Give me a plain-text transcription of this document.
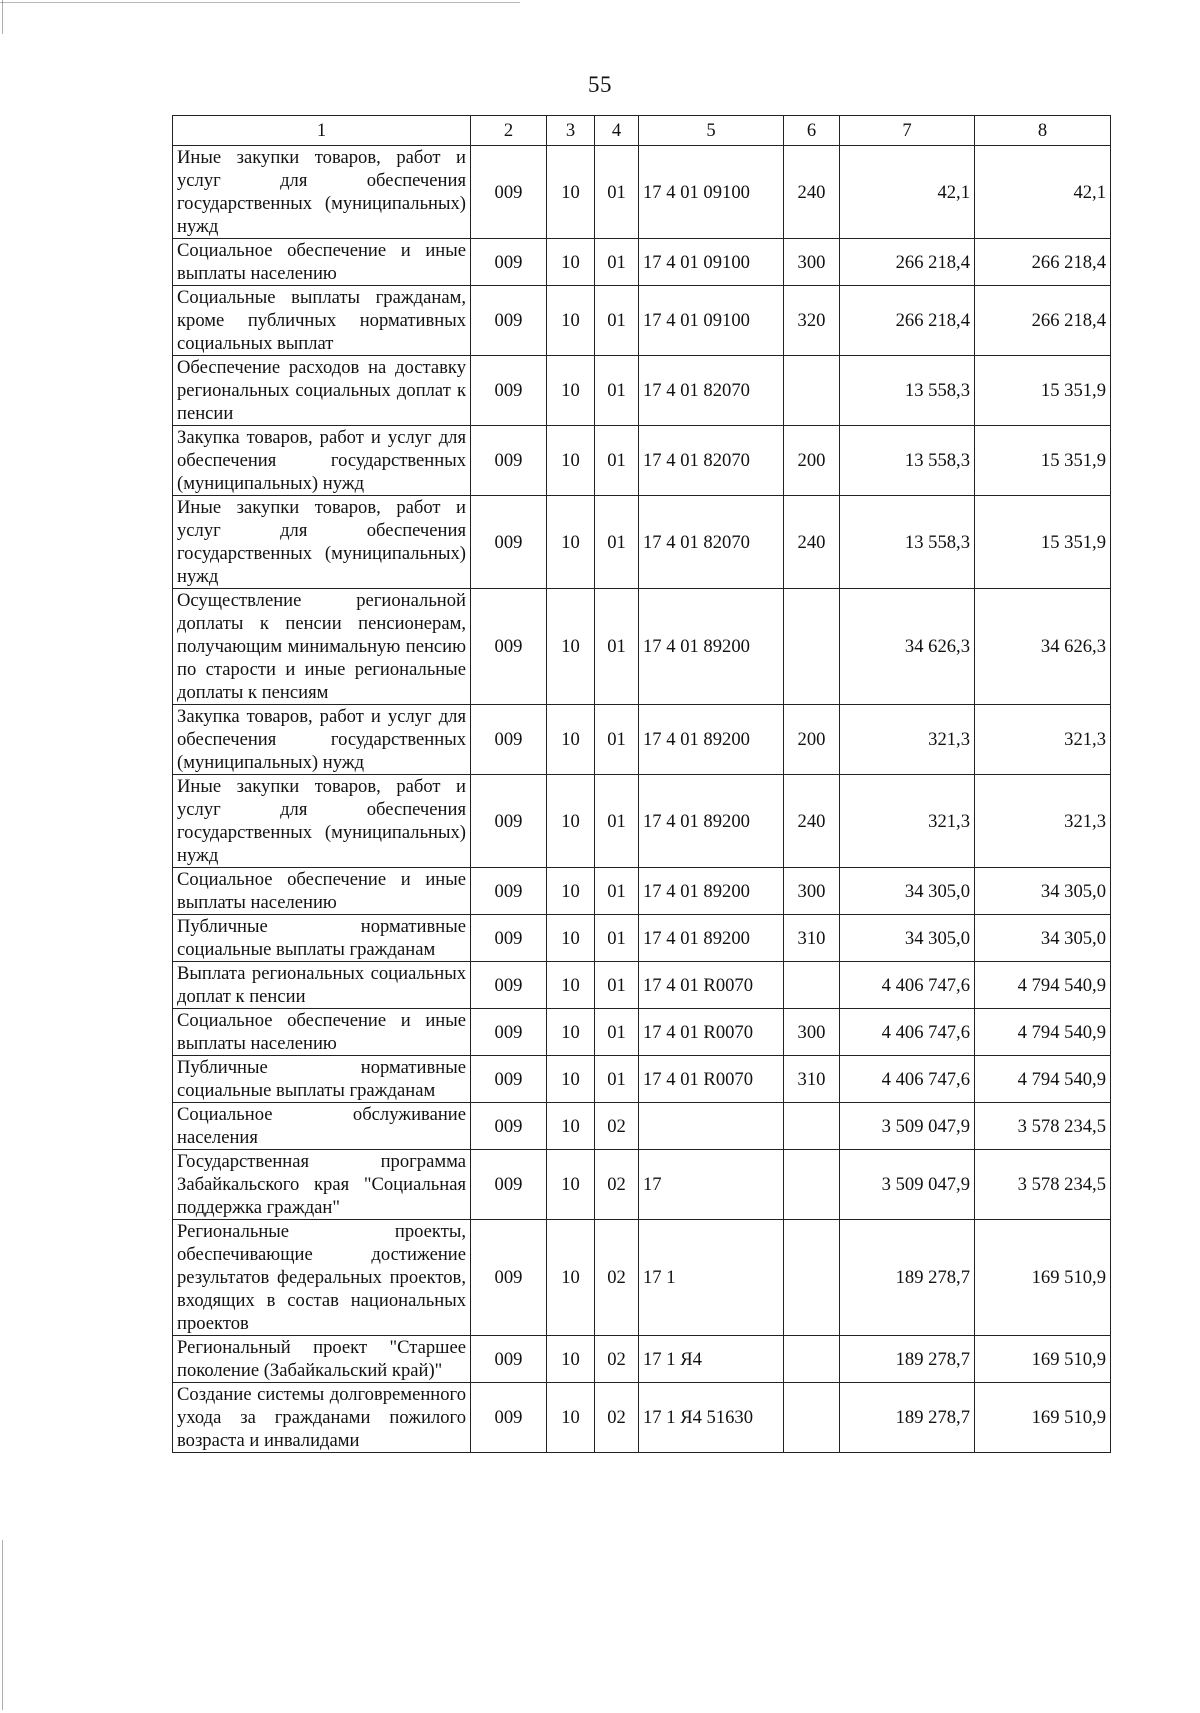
55
1	2	3	4	5	6	7	8
Иные закупки товаров, работ и услуг для обеспечения государственных (муниципальных) нужд	009	10	01	17 4 01 09100	240	42,1	42,1
Социальное обеспечение и иные выплаты населению	009	10	01	17 4 01 09100	300	266 218,4	266 218,4
Социальные выплаты гражданам, кроме публичных нормативных социальных выплат	009	10	01	17 4 01 09100	320	266 218,4	266 218,4
Обеспечение расходов на доставку региональных социальных доплат к пенсии	009	10	01	17 4 01 82070		13 558,3	15 351,9
Закупка товаров, работ и услуг для обеспечения государственных (муниципальных) нужд	009	10	01	17 4 01 82070	200	13 558,3	15 351,9
Иные закупки товаров, работ и услуг для обеспечения государственных (муниципальных) нужд	009	10	01	17 4 01 82070	240	13 558,3	15 351,9
Осуществление региональной доплаты к пенсии пенсионерам, получающим минимальную пенсию по старости и иные региональные доплаты к пенсиям	009	10	01	17 4 01 89200		34 626,3	34 626,3
Закупка товаров, работ и услуг для обеспечения государственных (муниципальных) нужд	009	10	01	17 4 01 89200	200	321,3	321,3
Иные закупки товаров, работ и услуг для обеспечения государственных (муниципальных) нужд	009	10	01	17 4 01 89200	240	321,3	321,3
Социальное обеспечение и иные выплаты населению	009	10	01	17 4 01 89200	300	34 305,0	34 305,0
Публичные нормативные социальные выплаты гражданам	009	10	01	17 4 01 89200	310	34 305,0	34 305,0
Выплата региональных социальных доплат к пенсии	009	10	01	17 4 01 R0070		4 406 747,6	4 794 540,9
Социальное обеспечение и иные выплаты населению	009	10	01	17 4 01 R0070	300	4 406 747,6	4 794 540,9
Публичные нормативные социальные выплаты гражданам	009	10	01	17 4 01 R0070	310	4 406 747,6	4 794 540,9
Социальное обслуживание населения	009	10	02			3 509 047,9	3 578 234,5
Государственная программа Забайкальского края "Социальная поддержка граждан"	009	10	02	17		3 509 047,9	3 578 234,5
Региональные проекты, обеспечивающие достижение результатов федеральных проектов, входящих в состав национальных проектов	009	10	02	17 1		189 278,7	169 510,9
Региональный проект "Старшее поколение (Забайкальский край)"	009	10	02	17 1 Я4		189 278,7	169 510,9
Создание системы долговременного ухода за гражданами пожилого возраста и инвалидами	009	10	02	17 1 Я4 51630		189 278,7	169 510,9
